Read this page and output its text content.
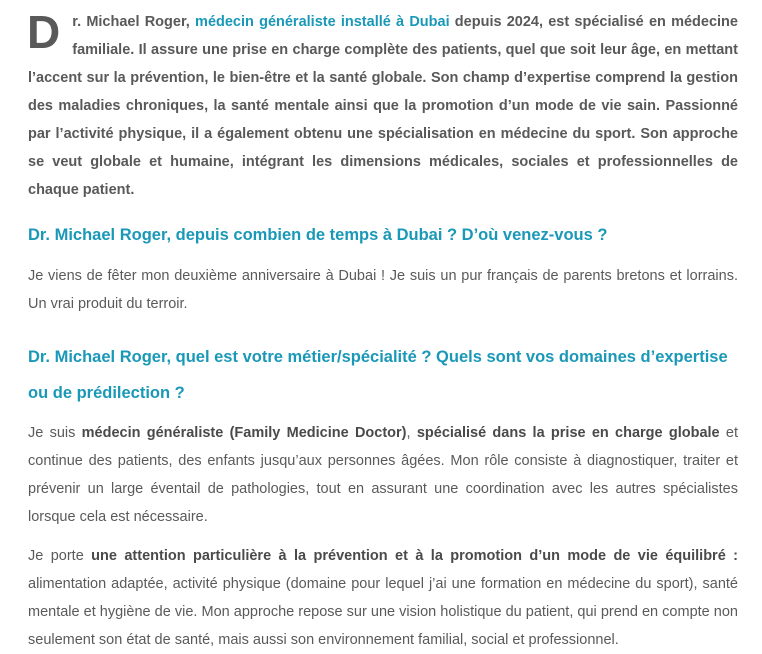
Dr. Michael Roger, médecin généraliste installé à Dubai depuis 2024, est spécialisé en médecine familiale. Il assure une prise en charge complète des patients, quel que soit leur âge, en mettant l’accent sur la prévention, le bien-être et la santé globale. Son champ d’expertise comprend la gestion des maladies chroniques, la santé mentale ainsi que la promotion d’un mode de vie sain. Passionné par l’activité physique, il a également obtenu une spécialisation en médecine du sport. Son approche se veut globale et humaine, intégrant les dimensions médicales, sociales et professionnelles de chaque patient.

Dr. Michael Roger, depuis combien de temps à Dubai ? D’où venez-vous ?

Je viens de fêter mon deuxième anniversaire à Dubai ! Je suis un pur français de parents bretons et lorrains. Un vrai produit du terroir.

Dr. Michael Roger, quel est votre métier/spécialité ? Quels sont vos domaines d’expertise ou de prédilection ?

Je suis médecin généraliste (Family Medicine Doctor), spécialisé dans la prise en charge globale et continue des patients, des enfants jusqu’aux personnes âgées. Mon rôle consiste à diagnostiquer, traiter et prévenir un large éventail de pathologies, tout en assurant une coordination avec les autres spécialistes lorsque cela est nécessaire.

Je porte une attention particulière à la prévention et à la promotion d’un mode de vie équilibré : alimentation adaptée, activité physique (domaine pour lequel j’ai une formation en médecine du sport), santé mentale et hygiène de vie. Mon approche repose sur une vision holistique du patient, qui prend en compte non seulement son état de santé, mais aussi son environnement familial, social et professionnel.
